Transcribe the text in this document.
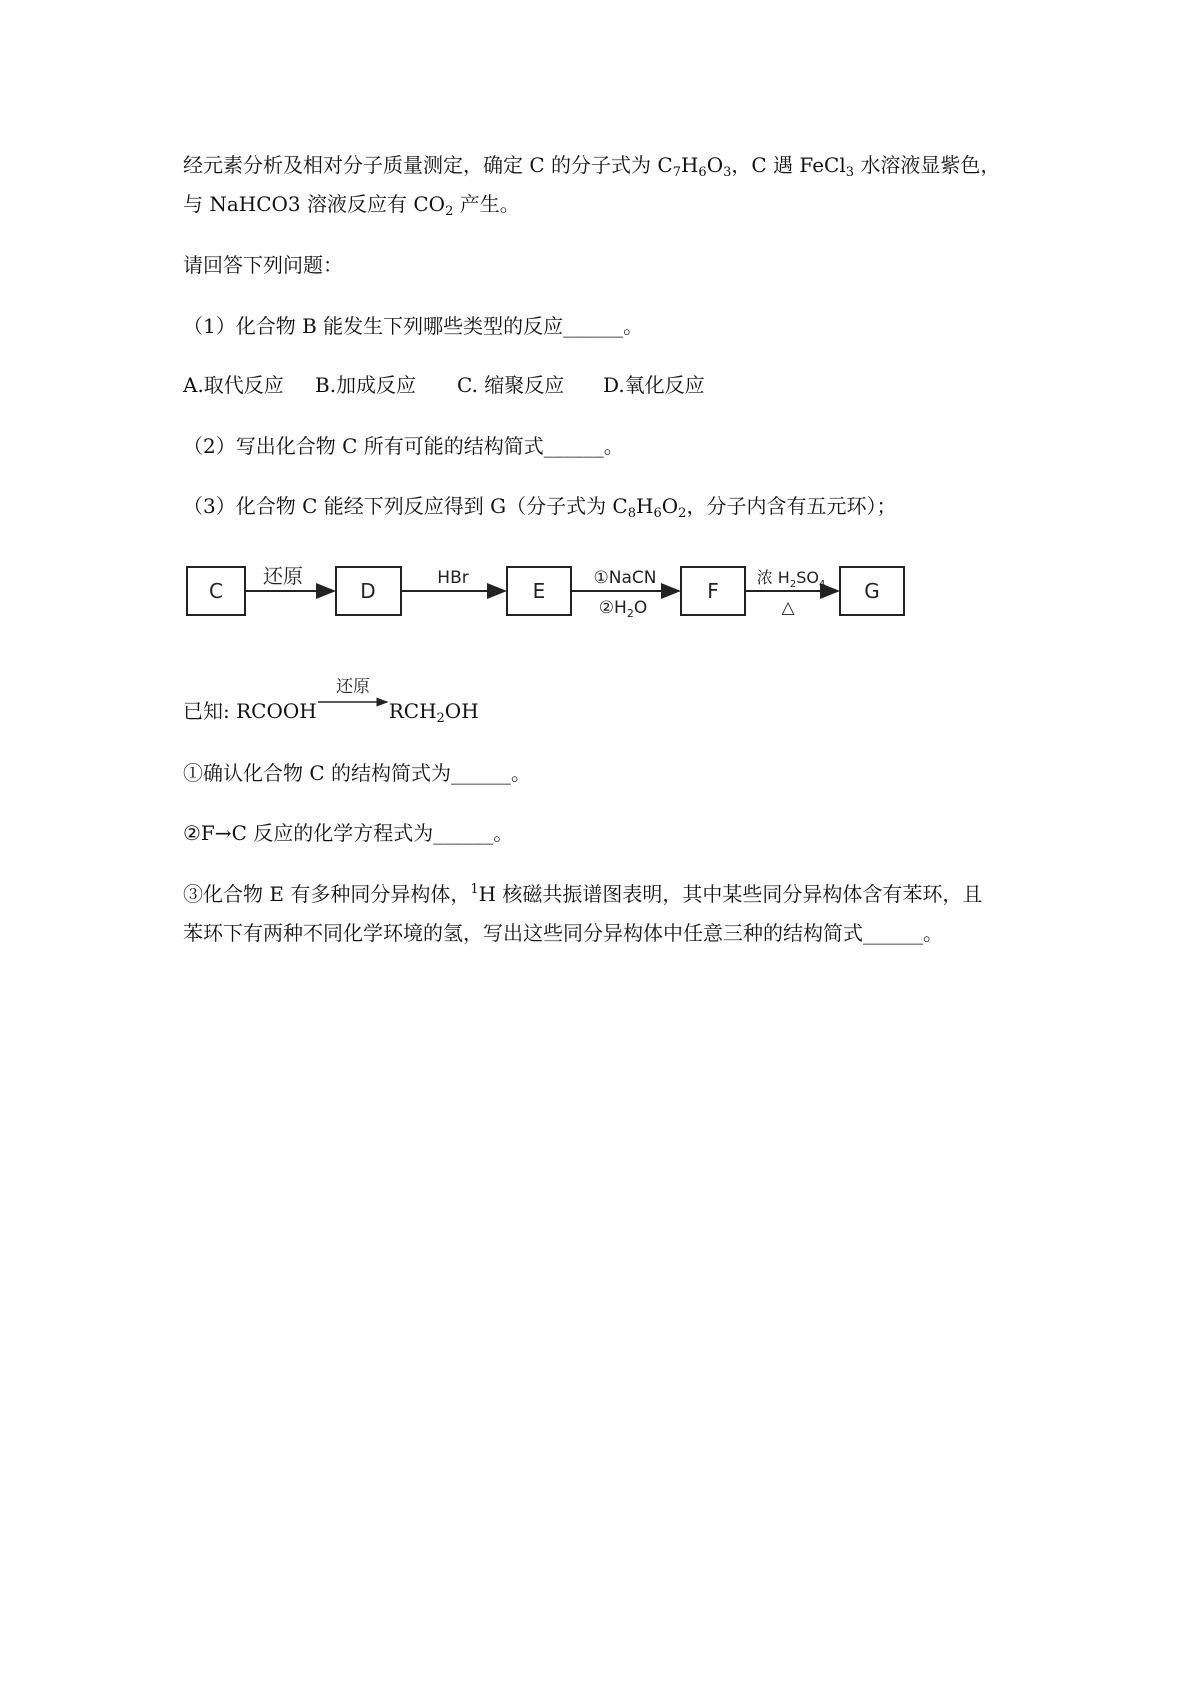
经元素分析及相对分子质量测定，确定 C 的分子式为 $C_7H_6O_3$，C 遇 FeCl$_3$ 水溶液显紫色，
与 NaHCO3 溶液反应有 $CO_2$ 产生。
请回答下列问题：
（1）化合物 B 能发生下列哪些类型的反应______。
A.取代反应 B.加成反应 C. 缩聚反应 D.氧化反应
（2）写出化合物 C 所有可能的结构简式______。
（3）化合物 C 能经下列反应得到 G（分子式为 $C_8H_6O_2$，分子内含有五元环）；
C	D	E	F	G
还原	HBr	①NaCN
$②H_2O$
浓 $H_2SO_4$
△
已知: RCOOH
还原
$RCH_2OH$
①确认化合物 C 的结构简式为______。
②F→C 反应的化学方程式为______。
③化合物 E 有多种同分异构体，$^1$H 核磁共振谱图表明，其中某些同分异构体含有苯环，且
苯环下有两种不同化学环境的氢，写出这些同分异构体中任意三种的结构简式______。
